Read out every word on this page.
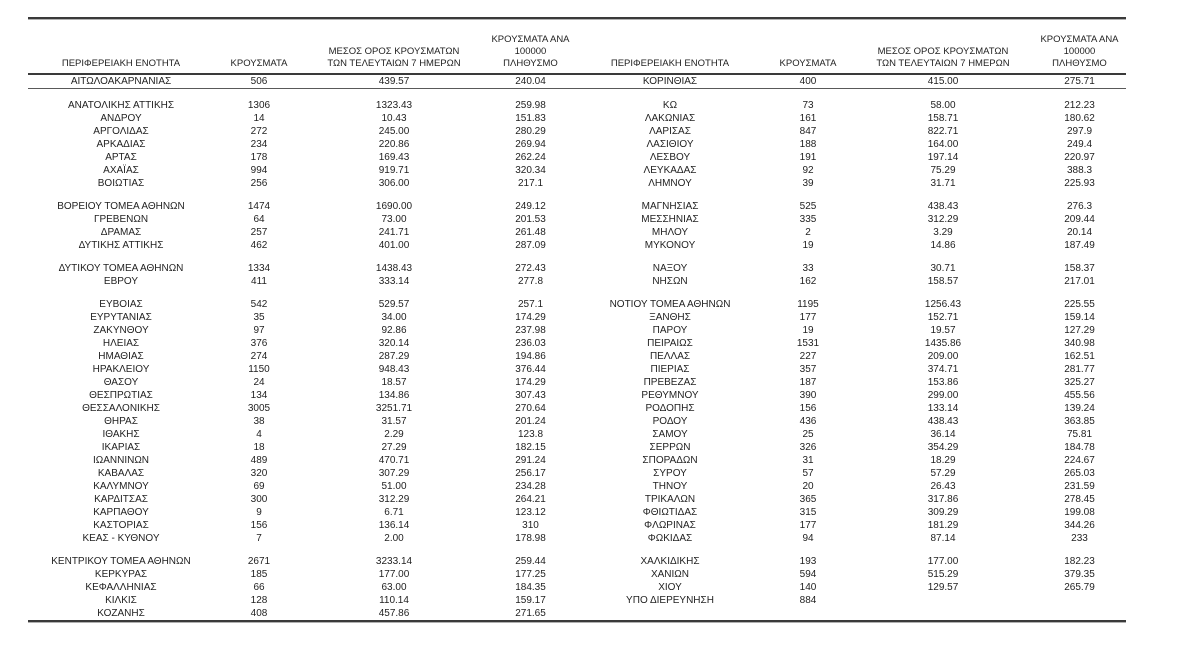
ΠΕΡΙΦΕΡΕΙΑΚΗ ΕΝΟΤΗΤΑ	ΚΡΟΥΣΜΑΤΑ	ΜΕΣΟΣ ΟΡΟΣ ΚΡΟΥΣΜΑΤΩΝ
ΤΩΝ ΤΕΛΕΥΤΑΙΩΝ 7 ΗΜΕΡΩΝ	ΚΡΟΥΣΜΑΤΑ ΑΝΑ 100000
ΠΛΗΘΥΣΜΟ	ΠΕΡΙΦΕΡΕΙΑΚΗ ΕΝΟΤΗΤΑ	ΚΡΟΥΣΜΑΤΑ	ΜΕΣΟΣ ΟΡΟΣ ΚΡΟΥΣΜΑΤΩΝ
ΤΩΝ ΤΕΛΕΥΤΑΙΩΝ 7 ΗΜΕΡΩΝ	ΚΡΟΥΣΜΑΤΑ ΑΝΑ 100000
ΠΛΗΘΥΣΜΟ

ΑΙΤΩΛΟΑΚΑΡΝΑΝΙΑΣ	506	439.57	240.04	ΚΟΡΙΝΘΙΑΣ	400	415.00	275.71

ΑΝΑΤΟΛΙΚΗΣ ΑΤΤΙΚΗΣ	1306	1323.43	259.98	ΚΩ	73	58.00	212.23
ΑΝΔΡΟΥ	14	10.43	151.83	ΛΑΚΩΝΙΑΣ	161	158.71	180.62
ΑΡΓΟΛΙΔΑΣ	272	245.00	280.29	ΛΑΡΙΣΑΣ	847	822.71	297.9
ΑΡΚΑΔΙΑΣ	234	220.86	269.94	ΛΑΣΙΘΙΟΥ	188	164.00	249.4
ΑΡΤΑΣ	178	169.43	262.24	ΛΕΣΒΟΥ	191	197.14	220.97
ΑΧΑΪΑΣ	994	919.71	320.34	ΛΕΥΚΑΔΑΣ	92	75.29	388.3
ΒΟΙΩΤΙΑΣ	256	306.00	217.1	ΛΗΜΝΟΥ	39	31.71	225.93

ΒΟΡΕΙΟΥ ΤΟΜΕΑ ΑΘΗΝΩΝ	1474	1690.00	249.12	ΜΑΓΝΗΣΙΑΣ	525	438.43	276.3
ΓΡΕΒΕΝΩΝ	64	73.00	201.53	ΜΕΣΣΗΝΙΑΣ	335	312.29	209.44
ΔΡΑΜΑΣ	257	241.71	261.48	ΜΗΛΟΥ	2	3.29	20.14
ΔΥΤΙΚΗΣ ΑΤΤΙΚΗΣ	462	401.00	287.09	ΜΥΚΟΝΟΥ	19	14.86	187.49

ΔΥΤΙΚΟΥ ΤΟΜΕΑ ΑΘΗΝΩΝ	1334	1438.43	272.43	ΝΑΞΟΥ	33	30.71	158.37
ΕΒΡΟΥ	411	333.14	277.8	ΝΗΣΩΝ	162	158.57	217.01

ΕΥΒΟΙΑΣ	542	529.57	257.1	ΝΟΤΙΟΥ ΤΟΜΕΑ ΑΘΗΝΩΝ	1195	1256.43	225.55
ΕΥΡΥΤΑΝΙΑΣ	35	34.00	174.29	ΞΑΝΘΗΣ	177	152.71	159.14
ΖΑΚΥΝΘΟΥ	97	92.86	237.98	ΠΑΡΟΥ	19	19.57	127.29
ΗΛΕΙΑΣ	376	320.14	236.03	ΠΕΙΡΑΙΩΣ	1531	1435.86	340.98
ΗΜΑΘΙΑΣ	274	287.29	194.86	ΠΕΛΛΑΣ	227	209.00	162.51
ΗΡΑΚΛΕΙΟΥ	1150	948.43	376.44	ΠΙΕΡΙΑΣ	357	374.71	281.77
ΘΑΣΟΥ	24	18.57	174.29	ΠΡΕΒΕΖΑΣ	187	153.86	325.27
ΘΕΣΠΡΩΤΙΑΣ	134	134.86	307.43	ΡΕΘΥΜΝΟΥ	390	299.00	455.56
ΘΕΣΣΑΛΟΝΙΚΗΣ	3005	3251.71	270.64	ΡΟΔΟΠΗΣ	156	133.14	139.24
ΘΗΡΑΣ	38	31.57	201.24	ΡΟΔΟΥ	436	438.43	363.85
ΙΘΑΚΗΣ	4	2.29	123.8	ΣΑΜΟΥ	25	36.14	75.81
ΙΚΑΡΙΑΣ	18	27.29	182.15	ΣΕΡΡΩΝ	326	354.29	184.78
ΙΩΑΝΝΙΝΩΝ	489	470.71	291.24	ΣΠΟΡΑΔΩΝ	31	18.29	224.67
ΚΑΒΑΛΑΣ	320	307.29	256.17	ΣΥΡΟΥ	57	57.29	265.03
ΚΑΛΥΜΝΟΥ	69	51.00	234.28	ΤΗΝΟΥ	20	26.43	231.59
ΚΑΡΔΙΤΣΑΣ	300	312.29	264.21	ΤΡΙΚΑΛΩΝ	365	317.86	278.45
ΚΑΡΠΑΘΟΥ	9	6.71	123.12	ΦΘΙΩΤΙΔΑΣ	315	309.29	199.08
ΚΑΣΤΟΡΙΑΣ	156	136.14	310	ΦΛΩΡΙΝΑΣ	177	181.29	344.26
ΚΕΑΣ - ΚΥΘΝΟΥ	7	2.00	178.98	ΦΩΚΙΔΑΣ	94	87.14	233

ΚΕΝΤΡΙΚΟΥ ΤΟΜΕΑ ΑΘΗΝΩΝ	2671	3233.14	259.44	ΧΑΛΚΙΔΙΚΗΣ	193	177.00	182.23
ΚΕΡΚΥΡΑΣ	185	177.00	177.25	ΧΑΝΙΩΝ	594	515.29	379.35
ΚΕΦΑΛΛΗΝΙΑΣ	66	63.00	184.35	ΧΙΟΥ	140	129.57	265.79
ΚΙΛΚΙΣ	128	110.14	159.17	ΥΠΟ ΔΙΕΡΕΥΝΗΣΗ	884		
ΚΟΖΑΝΗΣ	408	457.86	271.65				
